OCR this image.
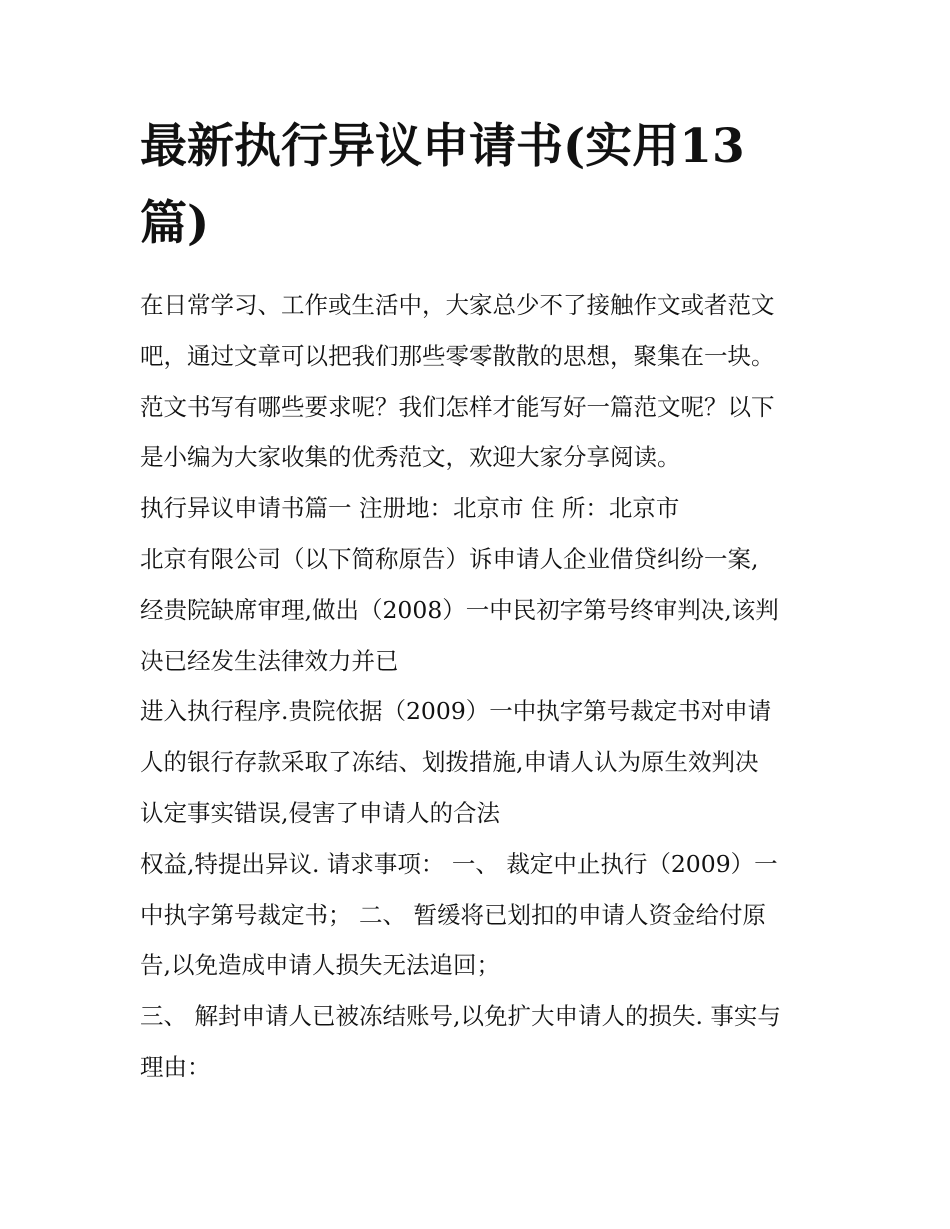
最新执行异议申请书(实用13
篇)
在日常学习、工作或生活中，大家总少不了接触作文或者范文
吧，通过文章可以把我们那些零零散散的思想，聚集在一块。
范文书写有哪些要求呢？我们怎样才能写好一篇范文呢？以下
是小编为大家收集的优秀范文，欢迎大家分享阅读。
执行异议申请书篇一 注册地：北京市 住 所：北京市
北京有限公司（以下简称原告）诉申请人企业借贷纠纷一案,
经贵院缺席审理,做出（2008）一中民初字第号终审判决,该判
决已经发生法律效力并已
进入执行程序.贵院依据（2009）一中执字第号裁定书对申请
人的银行存款采取了冻结、划拨措施,申请人认为原生效判决
认定事实错误,侵害了申请人的合法
权益,特提出异议. 请求事项： 一、 裁定中止执行（2009）一
中执字第号裁定书； 二、 暂缓将已划扣的申请人资金给付原
告,以免造成申请人损失无法追回；
三、 解封申请人已被冻结账号,以免扩大申请人的损失. 事实与
理由：
